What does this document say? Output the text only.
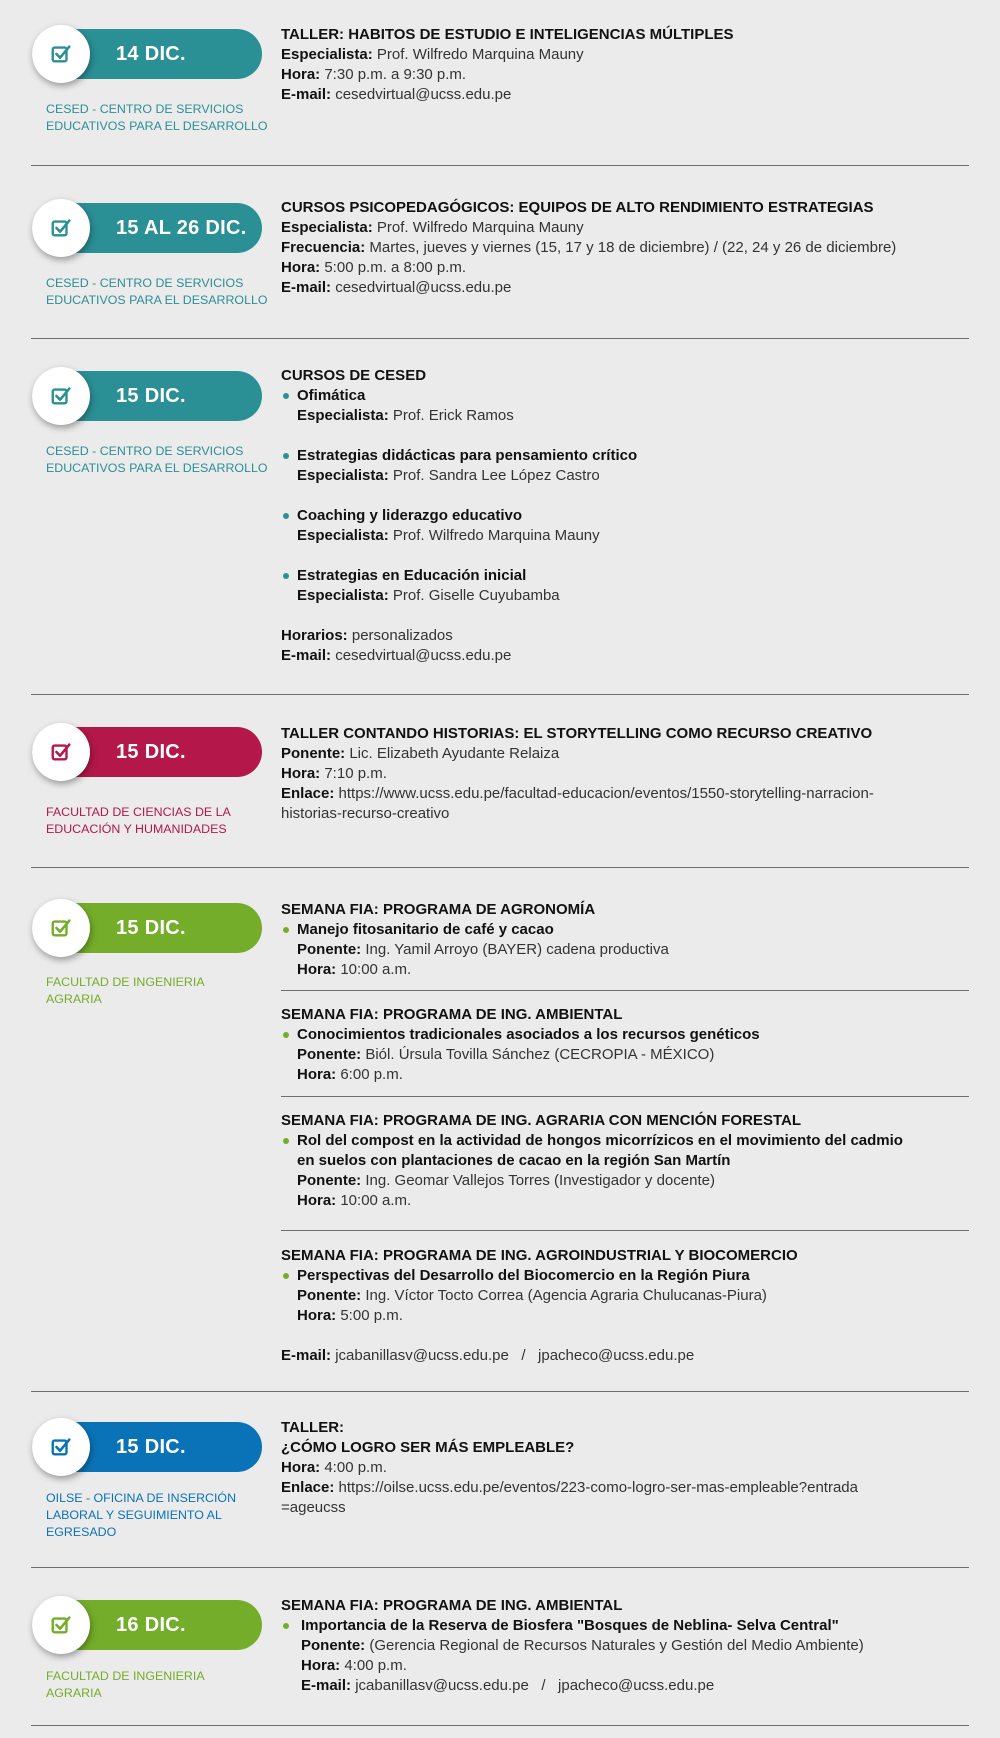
14 DIC.
CESED - CENTRO DE SERVICIOS
EDUCATIVOS PARA EL DESARROLLO
TALLER: HABITOS DE ESTUDIO E INTELIGENCIAS MÚLTIPLES
Especialista: Prof. Wilfredo Marquina Mauny
Hora: 7:30 p.m. a 9:30 p.m.
E-mail: cesedvirtual@ucss.edu.pe
15 AL 26 DIC.
CESED - CENTRO DE SERVICIOS
EDUCATIVOS PARA EL DESARROLLO
CURSOS PSICOPEDAGÓGICOS: EQUIPOS DE ALTO RENDIMIENTO ESTRATEGIAS
Especialista: Prof. Wilfredo Marquina Mauny
Frecuencia: Martes, jueves y viernes (15, 17 y 18 de diciembre) / (22, 24 y 26 de diciembre)
Hora: 5:00 p.m. a 8:00 p.m.
E-mail: cesedvirtual@ucss.edu.pe
15 DIC.
CESED - CENTRO DE SERVICIOS
EDUCATIVOS PARA EL DESARROLLO
CURSOS DE CESED
Ofimática
Especialista: Prof. Erick Ramos
Estrategias didácticas para pensamiento crítico
Especialista: Prof. Sandra Lee López Castro
Coaching y liderazgo educativo
Especialista: Prof. Wilfredo Marquina Mauny
Estrategias en Educación inicial
Especialista: Prof. Giselle Cuyubamba
Horarios: personalizados
E-mail: cesedvirtual@ucss.edu.pe
15 DIC.
FACULTAD DE CIENCIAS DE LA
EDUCACIÓN Y HUMANIDADES
TALLER CONTANDO HISTORIAS: EL STORYTELLING COMO RECURSO CREATIVO
Ponente: Lic. Elizabeth Ayudante Relaiza
Hora: 7:10 p.m.
Enlace: https://www.ucss.edu.pe/facultad-educacion/eventos/1550-storytelling-narracion-
historias-recurso-creativo
15 DIC.
FACULTAD DE INGENIERIA
AGRARIA
SEMANA FIA: PROGRAMA DE AGRONOMÍA
Manejo fitosanitario de café y cacao
Ponente: Ing. Yamil Arroyo (BAYER) cadena productiva
Hora: 10:00 a.m.
SEMANA FIA: PROGRAMA DE ING. AMBIENTAL
Conocimientos tradicionales asociados a los recursos genéticos
Ponente: Biól. Úrsula Tovilla Sánchez (CECROPIA - MÉXICO)
Hora: 6:00 p.m.
SEMANA FIA: PROGRAMA DE ING. AGRARIA CON MENCIÓN FORESTAL
Rol del compost en la actividad de hongos micorrízicos en el movimiento del cadmio
en suelos con plantaciones de cacao en la región San Martín
Ponente: Ing. Geomar Vallejos Torres (Investigador y docente)
Hora: 10:00 a.m.
SEMANA FIA: PROGRAMA DE ING. AGROINDUSTRIAL Y BIOCOMERCIO
Perspectivas del Desarrollo del Biocomercio en la Región Piura
Ponente: Ing. Víctor Tocto Correa (Agencia Agraria Chulucanas-Piura)
Hora: 5:00 p.m.
E-mail: jcabanillasv@ucss.edu.pe   /   jpacheco@ucss.edu.pe
15 DIC.
OILSE - OFICINA DE INSERCIÓN
LABORAL Y SEGUIMIENTO AL
EGRESADO
TALLER:
¿CÓMO LOGRO SER MÁS EMPLEABLE?
Hora: 4:00 p.m.
Enlace: https://oilse.ucss.edu.pe/eventos/223-como-logro-ser-mas-empleable?entrada
=ageucss
16 DIC.
FACULTAD DE INGENIERIA
AGRARIA
SEMANA FIA: PROGRAMA DE ING. AMBIENTAL
Importancia de la Reserva de Biosfera "Bosques de Neblina- Selva Central"
Ponente: (Gerencia Regional de Recursos Naturales y Gestión del Medio Ambiente)
Hora: 4:00 p.m.
E-mail: jcabanillasv@ucss.edu.pe   /   jpacheco@ucss.edu.pe
